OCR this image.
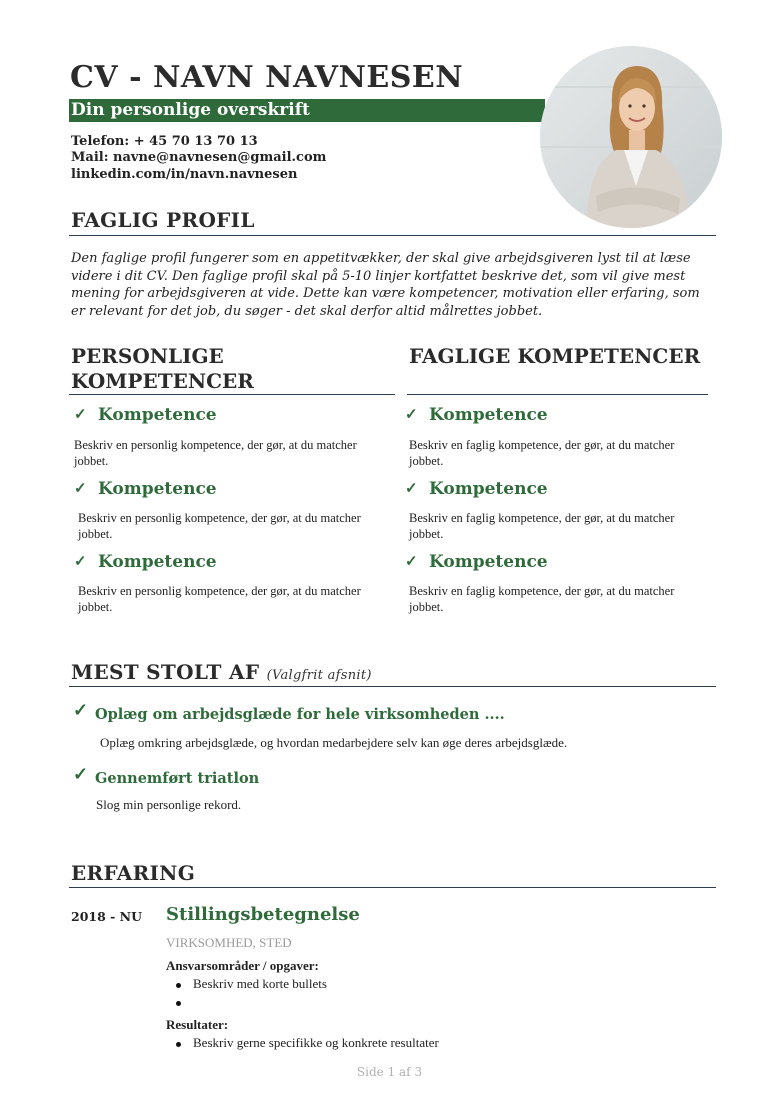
CV - NAVN NAVNESEN
Din personlige overskrift
Telefon: + 45 70 13 70 13
Mail: navne@navnesen@gmail.com
linkedin.com/in/navn.navnesen
FAGLIG PROFIL
Den faglige profil fungerer som en appetitvækker, der skal give arbejdsgiveren lyst til at læse videre i dit CV. Den faglige profil skal på 5-10 linjer kortfattet beskrive det, som vil give mest mening for arbejdsgiveren at vide. Dette kan være kompetencer, motivation eller erfaring, som er relevant for det job, du søger - det skal derfor altid målrettes jobbet.
PERSONLIGE KOMPETENCER
✓ Kompetence
Beskriv en personlig kompetence, der gør, at du matcher jobbet.
✓ Kompetence
Beskriv en personlig kompetence, der gør, at du matcher jobbet.
✓ Kompetence
Beskriv en personlig kompetence, der gør, at du matcher jobbet.
FAGLIGE KOMPETENCER
✓ Kompetence
Beskriv en faglig kompetence, der gør, at du matcher jobbet.
✓ Kompetence
Beskriv en faglig kompetence, der gør, at du matcher jobbet.
✓ Kompetence
Beskriv en faglig kompetence, der gør, at du matcher jobbet.
MEST STOLT AF (Valgfrit afsnit)
✓ Oplæg om arbejdsglæde for hele virksomheden ....
Oplæg omkring arbejdsglæde, og hvordan medarbejdere selv kan øge deres arbejdsglæde.
✓ Gennemført triatlon
Slog min personlige rekord.
ERFARING
2018 - NU Stillingsbetegnelse
VIRKSOMHED, STED
Ansvarsområder / opgaver:
Beskriv med korte bullets
Resultater:
Beskriv gerne specifikke og konkrete resultater
Side 1 af 3
